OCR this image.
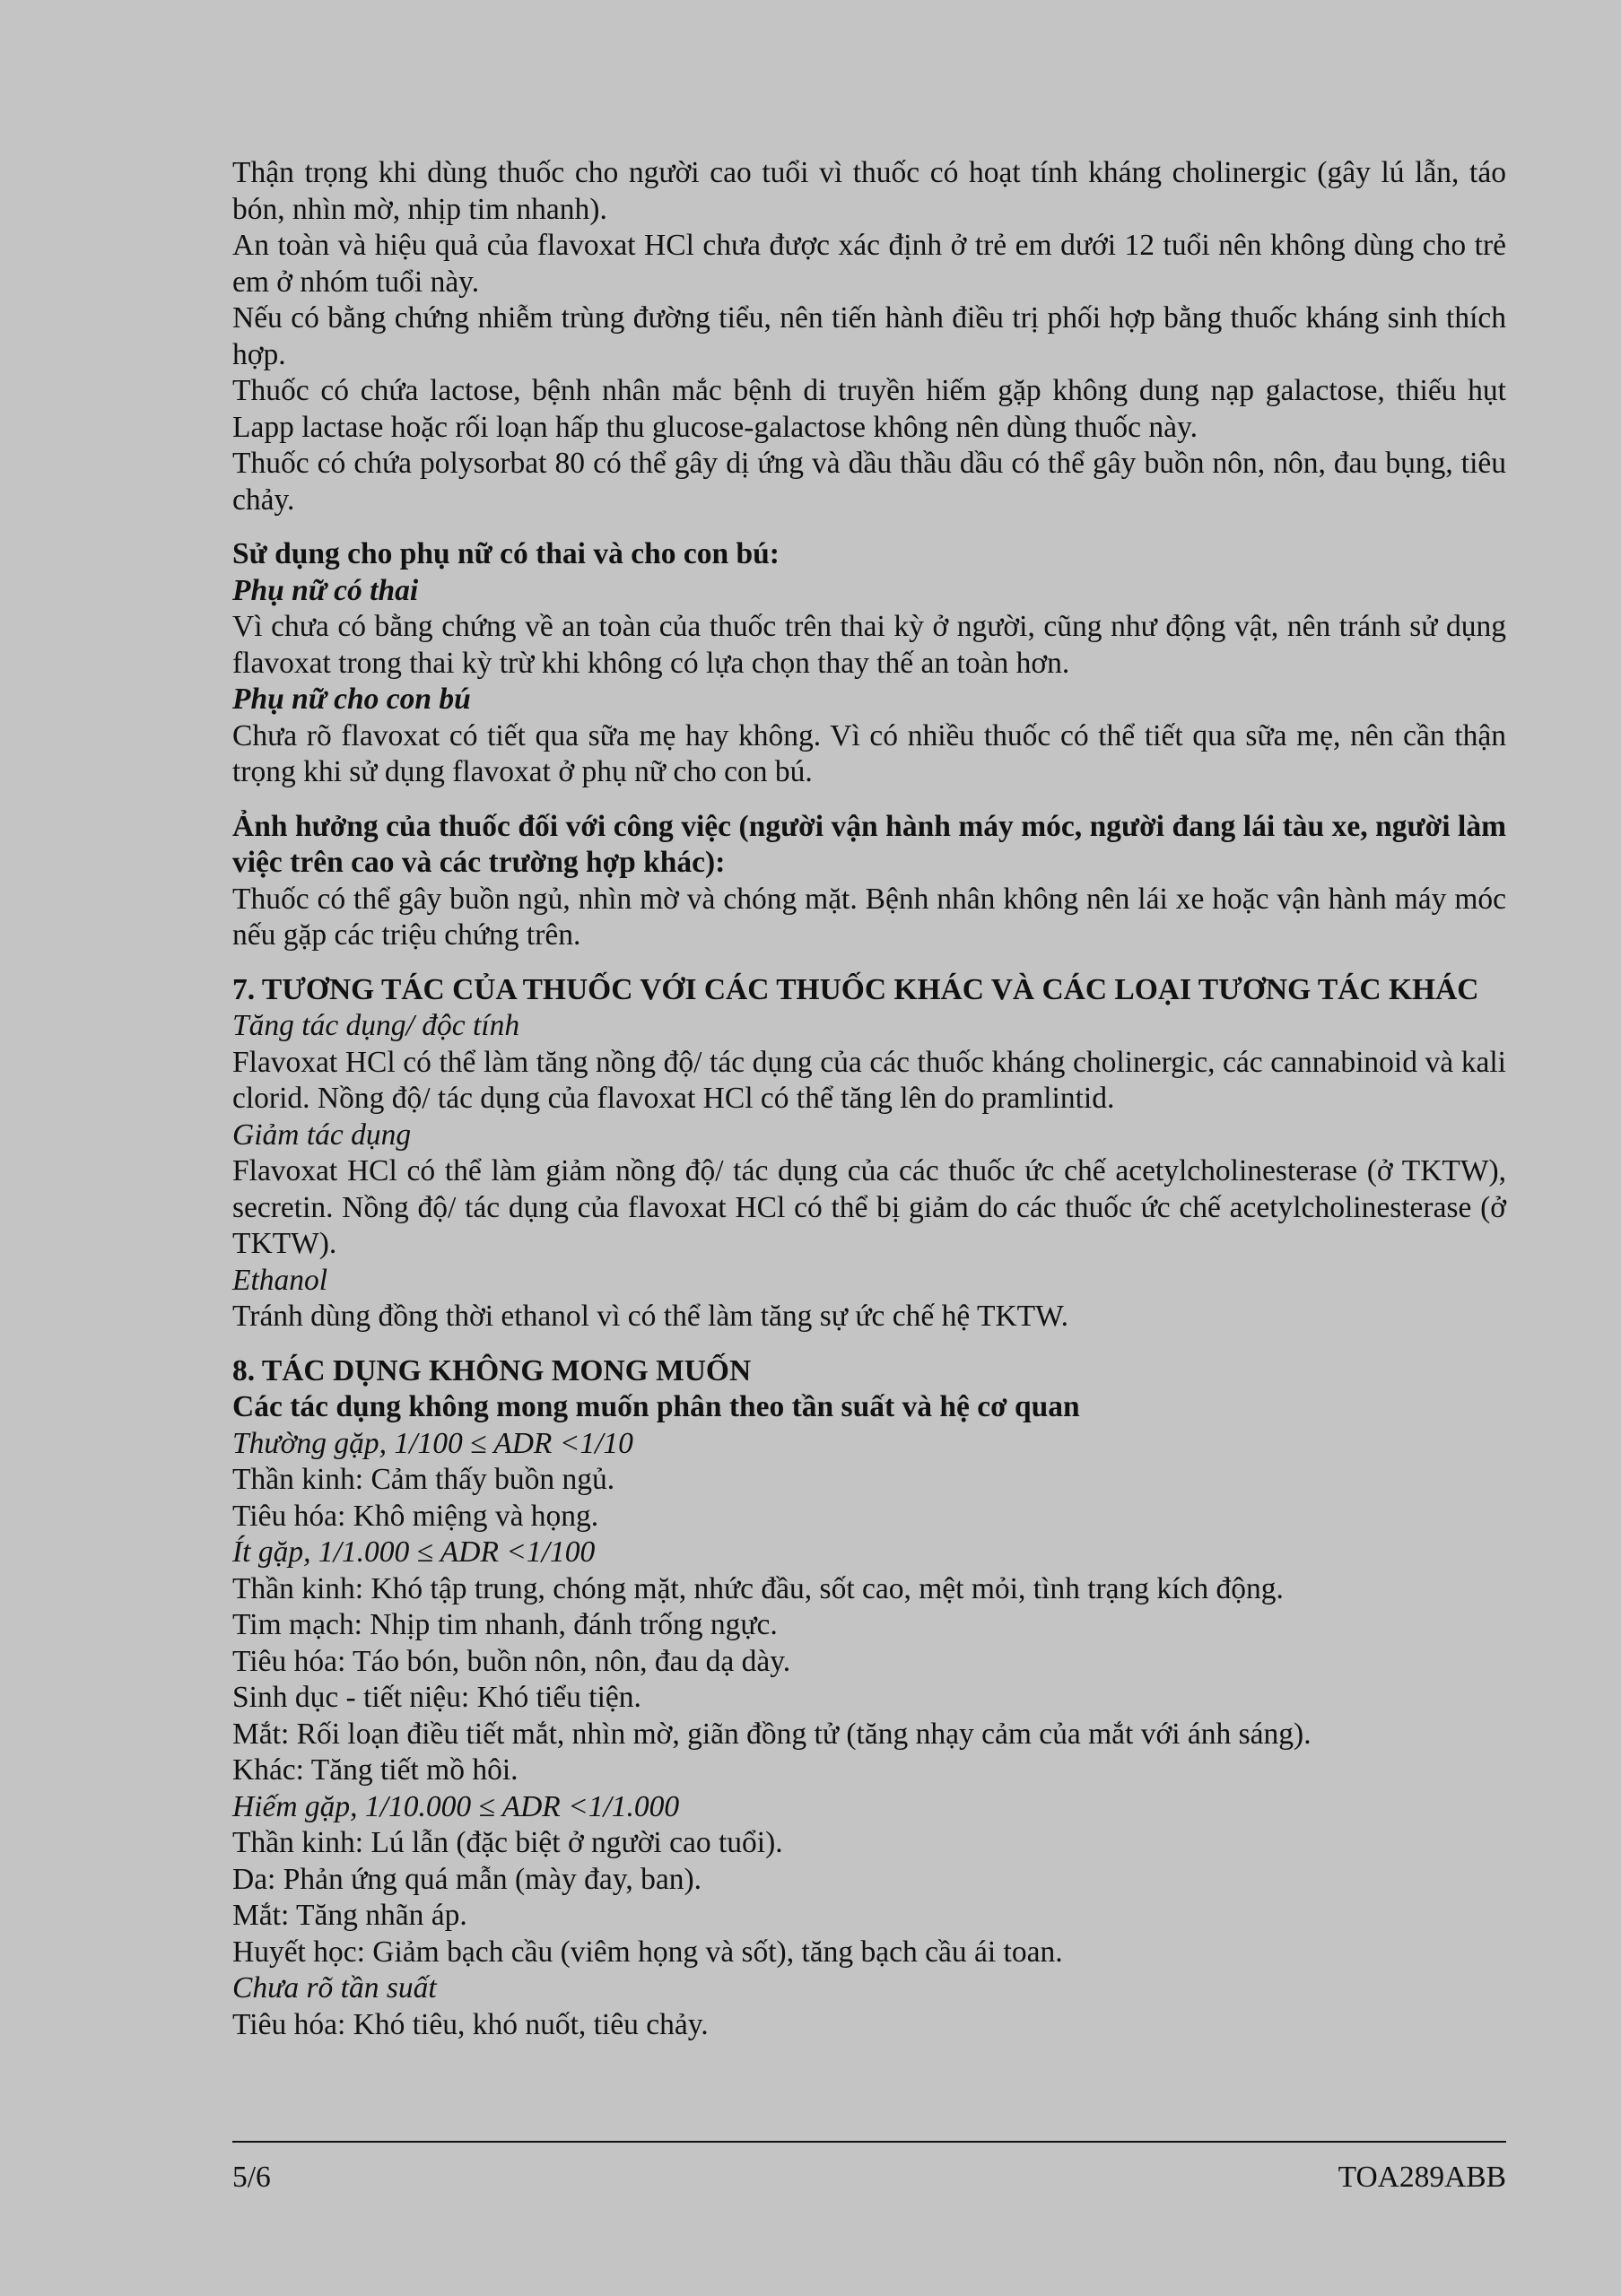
Thận trọng khi dùng thuốc cho người cao tuổi vì thuốc có hoạt tính kháng cholinergic (gây lú lẫn, táo bón, nhìn mờ, nhịp tim nhanh).

An toàn và hiệu quả của flavoxat HCl chưa được xác định ở trẻ em dưới 12 tuổi nên không dùng cho trẻ em ở nhóm tuổi này.

Nếu có bằng chứng nhiễm trùng đường tiểu, nên tiến hành điều trị phối hợp bằng thuốc kháng sinh thích hợp.

Thuốc có chứa lactose, bệnh nhân mắc bệnh di truyền hiếm gặp không dung nạp galactose, thiếu hụt Lapp lactase hoặc rối loạn hấp thu glucose-galactose không nên dùng thuốc này.

Thuốc có chứa polysorbat 80 có thể gây dị ứng và dầu thầu dầu có thể gây buồn nôn, nôn, đau bụng, tiêu chảy.

Sử dụng cho phụ nữ có thai và cho con bú:

Phụ nữ có thai

Vì chưa có bằng chứng về an toàn của thuốc trên thai kỳ ở người, cũng như động vật, nên tránh sử dụng flavoxat trong thai kỳ trừ khi không có lựa chọn thay thế an toàn hơn.

Phụ nữ cho con bú

Chưa rõ flavoxat có tiết qua sữa mẹ hay không. Vì có nhiều thuốc có thể tiết qua sữa mẹ, nên cần thận trọng khi sử dụng flavoxat ở phụ nữ cho con bú.

Ảnh hưởng của thuốc đối với công việc (người vận hành máy móc, người đang lái tàu xe, người làm việc trên cao và các trường hợp khác):

Thuốc có thể gây buồn ngủ, nhìn mờ và chóng mặt. Bệnh nhân không nên lái xe hoặc vận hành máy móc nếu gặp các triệu chứng trên.

7. TƯƠNG TÁC CỦA THUỐC VỚI CÁC THUỐC KHÁC VÀ CÁC LOẠI TƯƠNG TÁC KHÁC

Tăng tác dụng/ độc tính

Flavoxat HCl có thể làm tăng nồng độ/ tác dụng của các thuốc kháng cholinergic, các cannabinoid và kali clorid. Nồng độ/ tác dụng của flavoxat HCl có thể tăng lên do pramlintid.

Giảm tác dụng

Flavoxat HCl có thể làm giảm nồng độ/ tác dụng của các thuốc ức chế acetylcholinesterase (ở TKTW), secretin. Nồng độ/ tác dụng của flavoxat HCl có thể bị giảm do các thuốc ức chế acetylcholinesterase (ở TKTW).

Ethanol

Tránh dùng đồng thời ethanol vì có thể làm tăng sự ức chế hệ TKTW.

8. TÁC DỤNG KHÔNG MONG MUỐN

Các tác dụng không mong muốn phân theo tần suất và hệ cơ quan

Thường gặp, 1/100 ≤ ADR <1/10

Thần kinh: Cảm thấy buồn ngủ.

Tiêu hóa: Khô miệng và họng.

Ít gặp, 1/1.000 ≤ ADR <1/100

Thần kinh: Khó tập trung, chóng mặt, nhức đầu, sốt cao, mệt mỏi, tình trạng kích động.

Tim mạch: Nhịp tim nhanh, đánh trống ngực.

Tiêu hóa: Táo bón, buồn nôn, nôn, đau dạ dày.

Sinh dục - tiết niệu: Khó tiểu tiện.

Mắt: Rối loạn điều tiết mắt, nhìn mờ, giãn đồng tử (tăng nhạy cảm của mắt với ánh sáng).

Khác: Tăng tiết mồ hôi.

Hiếm gặp, 1/10.000 ≤ ADR <1/1.000

Thần kinh: Lú lẫn (đặc biệt ở người cao tuổi).

Da: Phản ứng quá mẫn (mày đay, ban).

Mắt: Tăng nhãn áp.

Huyết học: Giảm bạch cầu (viêm họng và sốt), tăng bạch cầu ái toan.

Chưa rõ tần suất

Tiêu hóa: Khó tiêu, khó nuốt, tiêu chảy.

5/6	TOA289ABB
